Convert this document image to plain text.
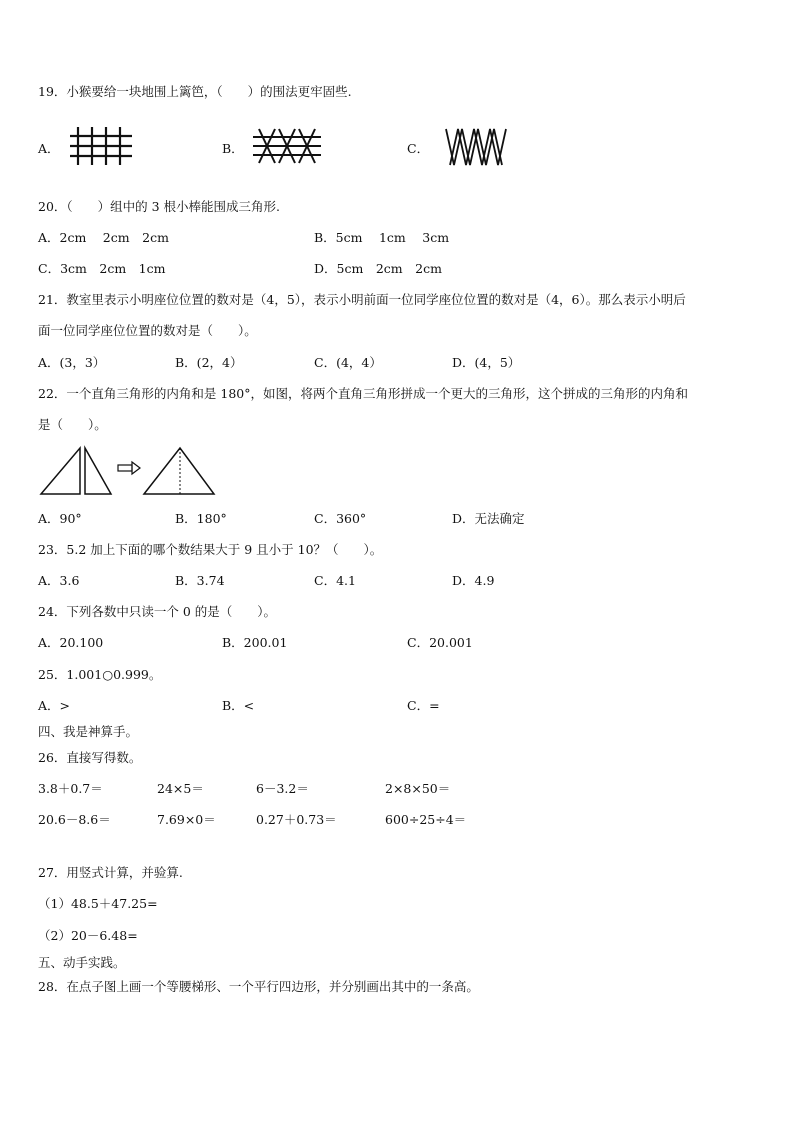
19．小猴要给一块地围上篱笆，（　　）的围法更牢固些.
A．	B．	C．
20．（　　）组中的 3 根小棒能围成三角形.
A．2cm　 2cm　2cm	B．5cm　 1cm　 3cm
C．3cm　2cm　1cm	D．5cm　2cm　2cm
21．教室里表示小明座位位置的数对是（4，5），表示小明前面一位同学座位位置的数对是（4，6）。那么表示小明后
面一位同学座位位置的数对是（　　）。
A．(3，3）	B．(2，4）	C．(4，4）	D．(4，5）
22．一个直角三角形的内角和是 180°，如图，将两个直角三角形拼成一个更大的三角形，这个拼成的三角形的内角和
是（　　）。
A．90°	B．180°	C．360°	D．无法确定
23．5.2 加上下面的哪个数结果大于 9 且小于 10？（　　）。
A．3.6	B．3.74	C．4.1	D．4.9
24．下列各数中只读一个 0 的是（　　）。
A．20.100	B．200.01	C．20.001
25．1.001○0.999。
A．>	B．<	C．=
四、我是神算手。
26．直接写得数。
3.8＋0.7＝	24×5＝	6－3.2＝	2×8×50＝
20.6－8.6＝	7.69×0＝	0.27＋0.73＝	600÷25÷4＝
27．用竖式计算，并验算.
（1）48.5＋47.25=
（2）20－6.48=
五、动手实践。
28．在点子图上画一个等腰梯形、一个平行四边形，并分别画出其中的一条高。
